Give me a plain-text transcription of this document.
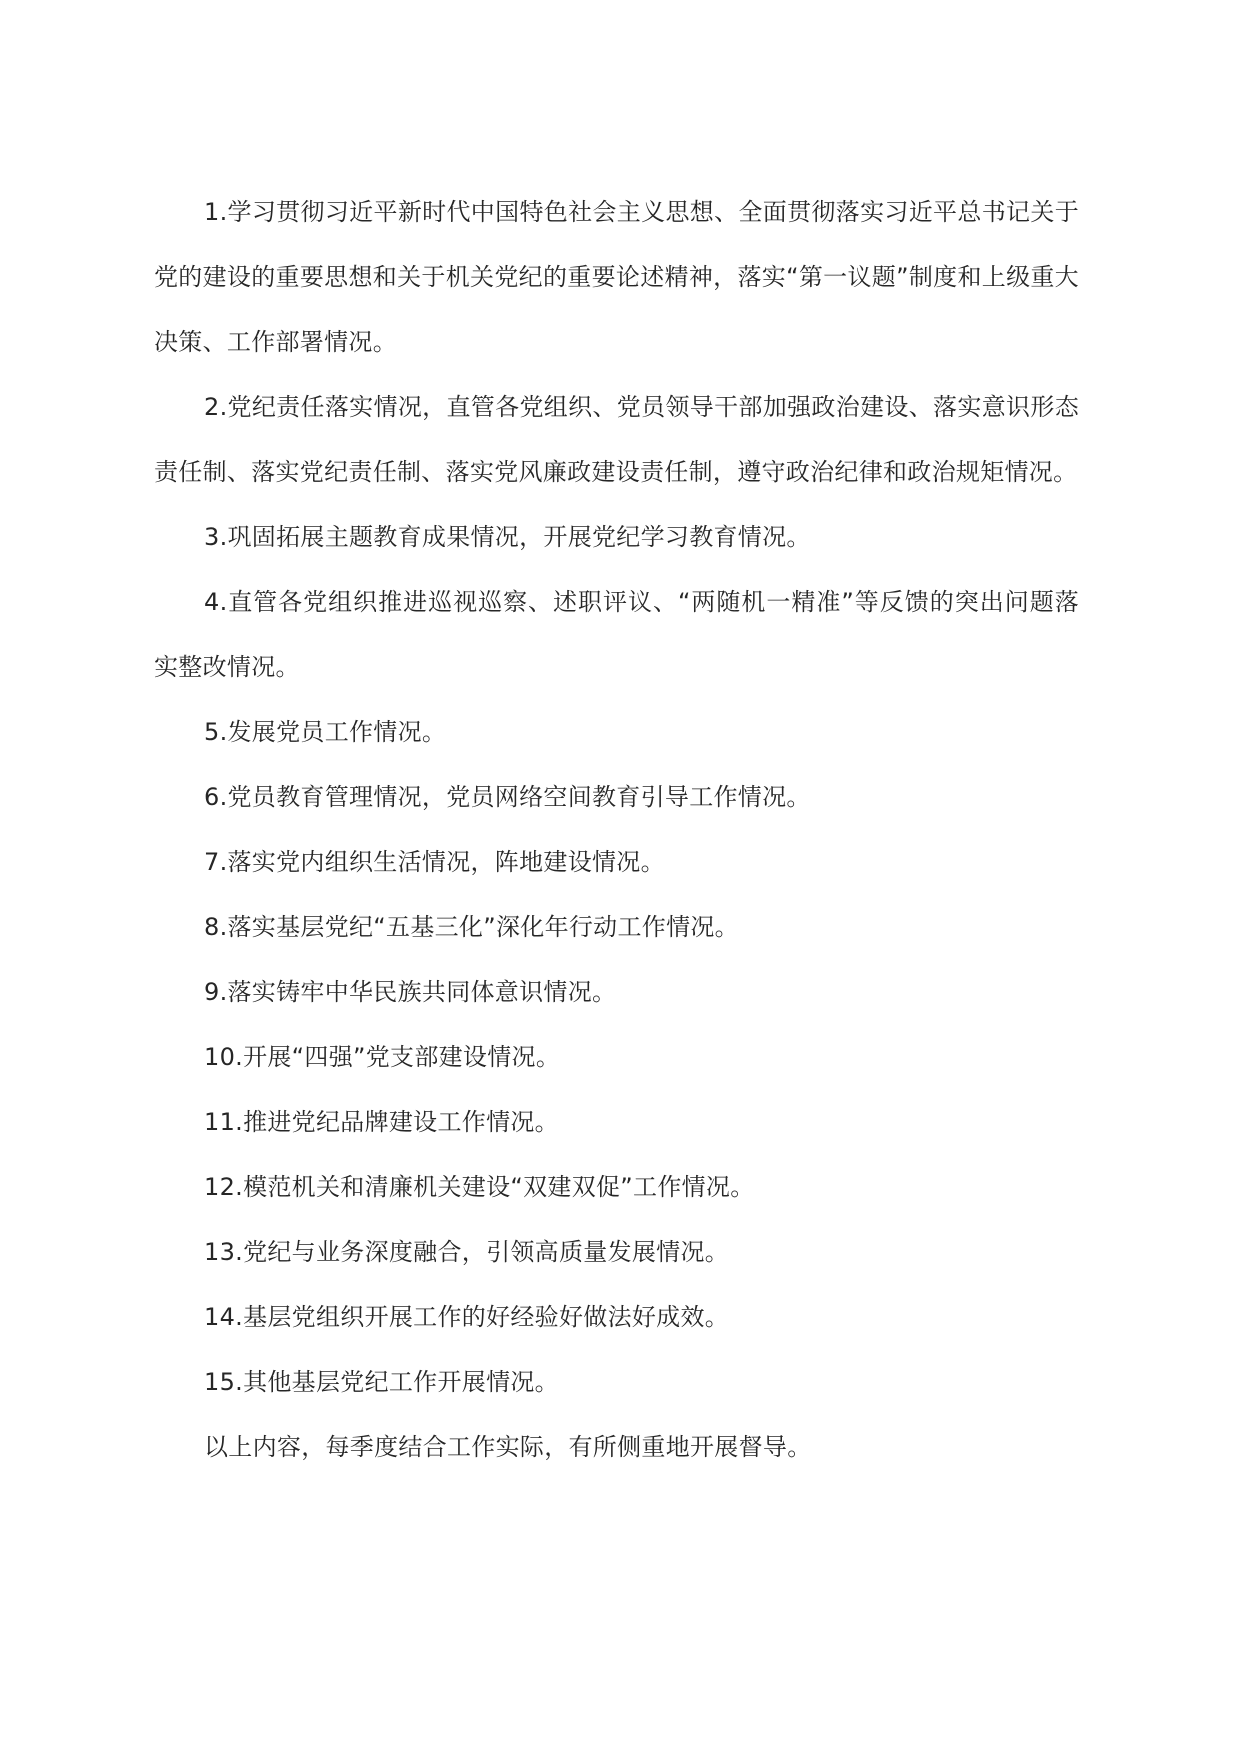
1.学习贯彻习近平新时代中国特色社会主义思想、全面贯彻落实习近平总书记关于党的建设的重要思想和关于机关党纪的重要论述精神，落实“第一议题”制度和上级重大决策、工作部署情况。

2.党纪责任落实情况，直管各党组织、党员领导干部加强政治建设、落实意识形态责任制、落实党纪责任制、落实党风廉政建设责任制，遵守政治纪律和政治规矩情况。

3.巩固拓展主题教育成果情况，开展党纪学习教育情况。

4.直管各党组织推进巡视巡察、述职评议、“两随机一精准”等反馈的突出问题落实整改情况。

5.发展党员工作情况。

6.党员教育管理情况，党员网络空间教育引导工作情况。

7.落实党内组织生活情况，阵地建设情况。

8.落实基层党纪“五基三化”深化年行动工作情况。

9.落实铸牢中华民族共同体意识情况。

10.开展“四强”党支部建设情况。

11.推进党纪品牌建设工作情况。

12.模范机关和清廉机关建设“双建双促”工作情况。

13.党纪与业务深度融合，引领高质量发展情况。

14.基层党组织开展工作的好经验好做法好成效。

15.其他基层党纪工作开展情况。

以上内容，每季度结合工作实际，有所侧重地开展督导。
